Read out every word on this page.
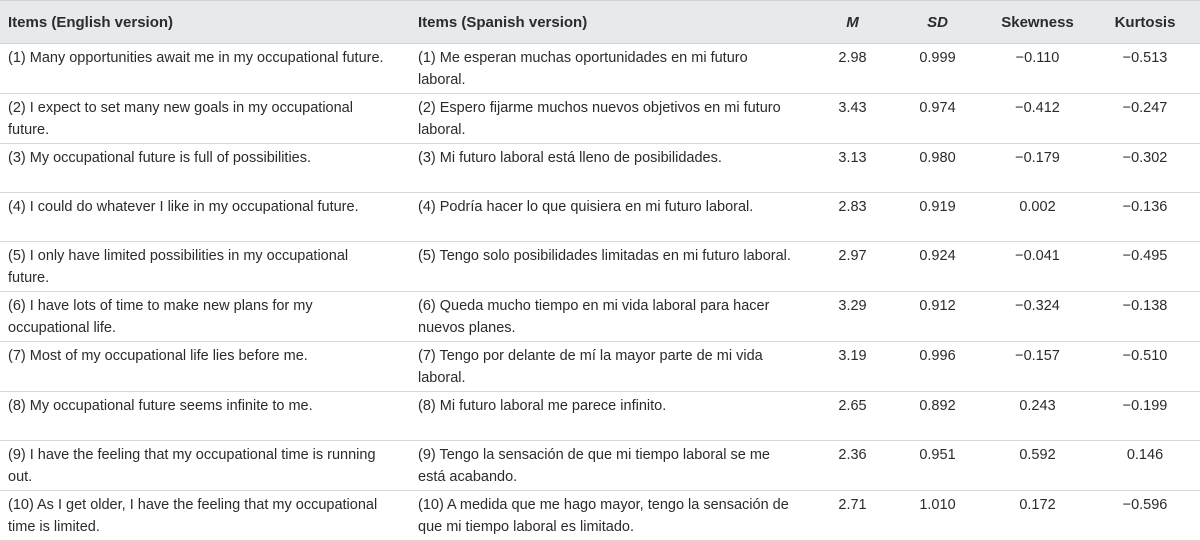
Items (English version)	Items (Spanish version)	M	SD	Skewness	Kurtosis
(1) Many opportunities await me in my occupational future.	(1) Me esperan muchas oportunidades en mi futuro laboral.	2.98	0.999	−0.110	−0.513
(2) I expect to set many new goals in my occupational future.	(2) Espero fijarme muchos nuevos objetivos en mi futuro laboral.	3.43	0.974	−0.412	−0.247
(3) My occupational future is full of possibilities.	(3) Mi futuro laboral está lleno de posibilidades.	3.13	0.980	−0.179	−0.302
(4) I could do whatever I like in my occupational future.	(4) Podría hacer lo que quisiera en mi futuro laboral.	2.83	0.919	0.002	−0.136
(5) I only have limited possibilities in my occupational future.	(5) Tengo solo posibilidades limitadas en mi futuro laboral.	2.97	0.924	−0.041	−0.495
(6) I have lots of time to make new plans for my occupational life.	(6) Queda mucho tiempo en mi vida laboral para hacer nuevos planes.	3.29	0.912	−0.324	−0.138
(7) Most of my occupational life lies before me.	(7) Tengo por delante de mí la mayor parte de mi vida laboral.	3.19	0.996	−0.157	−0.510
(8) My occupational future seems infinite to me.	(8) Mi futuro laboral me parece infinito.	2.65	0.892	0.243	−0.199
(9) I have the feeling that my occupational time is running out.	(9) Tengo la sensación de que mi tiempo laboral se me está acabando.	2.36	0.951	0.592	0.146
(10) As I get older, I have the feeling that my occupational time is limited.	(10) A medida que me hago mayor, tengo la sensación de que mi tiempo laboral es limitado.	2.71	1.010	0.172	−0.596
